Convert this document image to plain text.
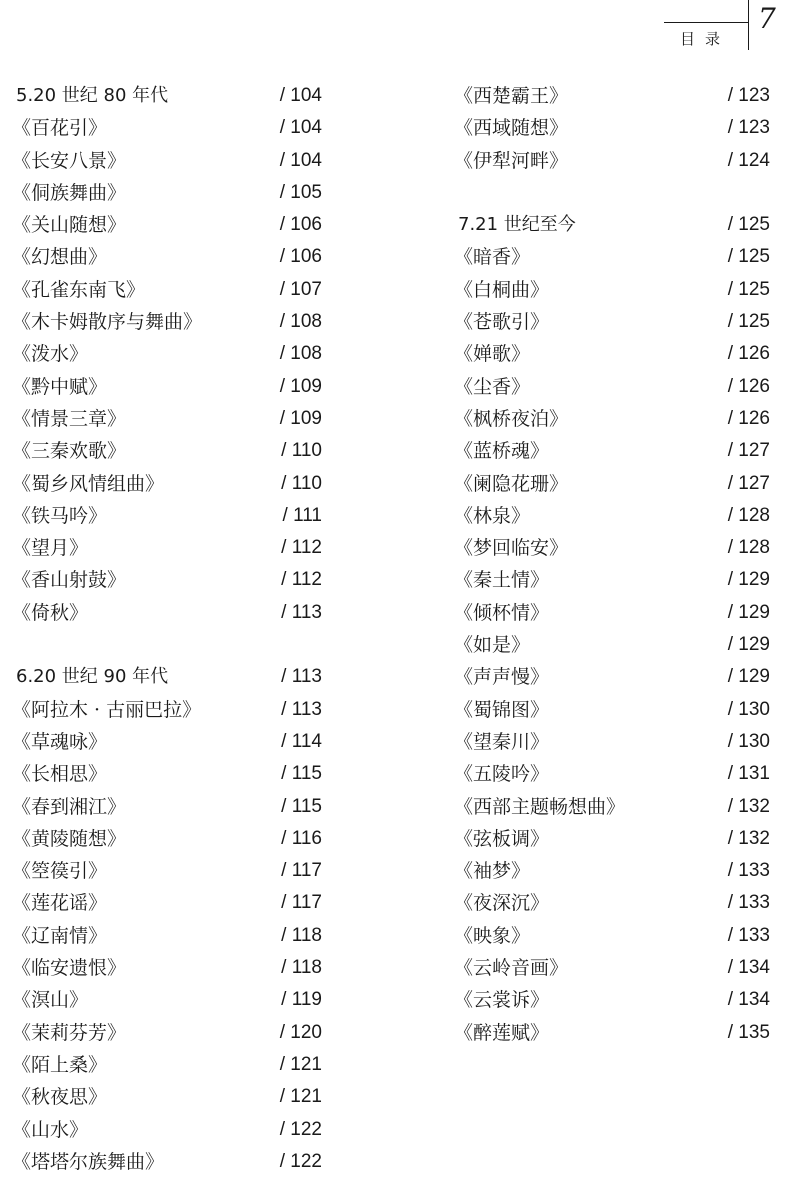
目录
7
5.20 世纪 80 年代	/ 104
《百花引》	/ 104
《长安八景》	/ 104
《侗族舞曲》	/ 105
《关山随想》	/ 106
《幻想曲》	/ 106
《孔雀东南飞》	/ 107
《木卡姆散序与舞曲》	/ 108
《泼水》	/ 108
《黔中赋》	/ 109
《情景三章》	/ 109
《三秦欢歌》	/ 110
《蜀乡风情组曲》	/ 110
《铁马吟》	/ 111
《望月》	/ 112
《香山射鼓》	/ 112
《倚秋》	/ 113
6.20 世纪 90 年代	/ 113
《阿拉木 · 古丽巴拉》	/ 113
《草魂咏》	/ 114
《长相思》	/ 115
《春到湘江》	/ 115
《黄陵随想》	/ 116
《箜篌引》	/ 117
《莲花谣》	/ 117
《辽南情》	/ 118
《临安遗恨》	/ 118
《溟山》	/ 119
《茉莉芬芳》	/ 120
《陌上桑》	/ 121
《秋夜思》	/ 121
《山水》	/ 122
《塔塔尔族舞曲》	/ 122
《西楚霸王》	/ 123
《西域随想》	/ 123
《伊犁河畔》	/ 124
7.21 世纪至今	/ 125
《暗香》	/ 125
《白桐曲》	/ 125
《苍歌引》	/ 125
《婵歌》	/ 126
《尘香》	/ 126
《枫桥夜泊》	/ 126
《蓝桥魂》	/ 127
《阑隐花珊》	/ 127
《林泉》	/ 128
《梦回临安》	/ 128
《秦土情》	/ 129
《倾杯情》	/ 129
《如是》	/ 129
《声声慢》	/ 129
《蜀锦图》	/ 130
《望秦川》	/ 130
《五陵吟》	/ 131
《西部主题畅想曲》	/ 132
《弦板调》	/ 132
《袖梦》	/ 133
《夜深沉》	/ 133
《映象》	/ 133
《云岭音画》	/ 134
《云裳诉》	/ 134
《醉莲赋》	/ 135
